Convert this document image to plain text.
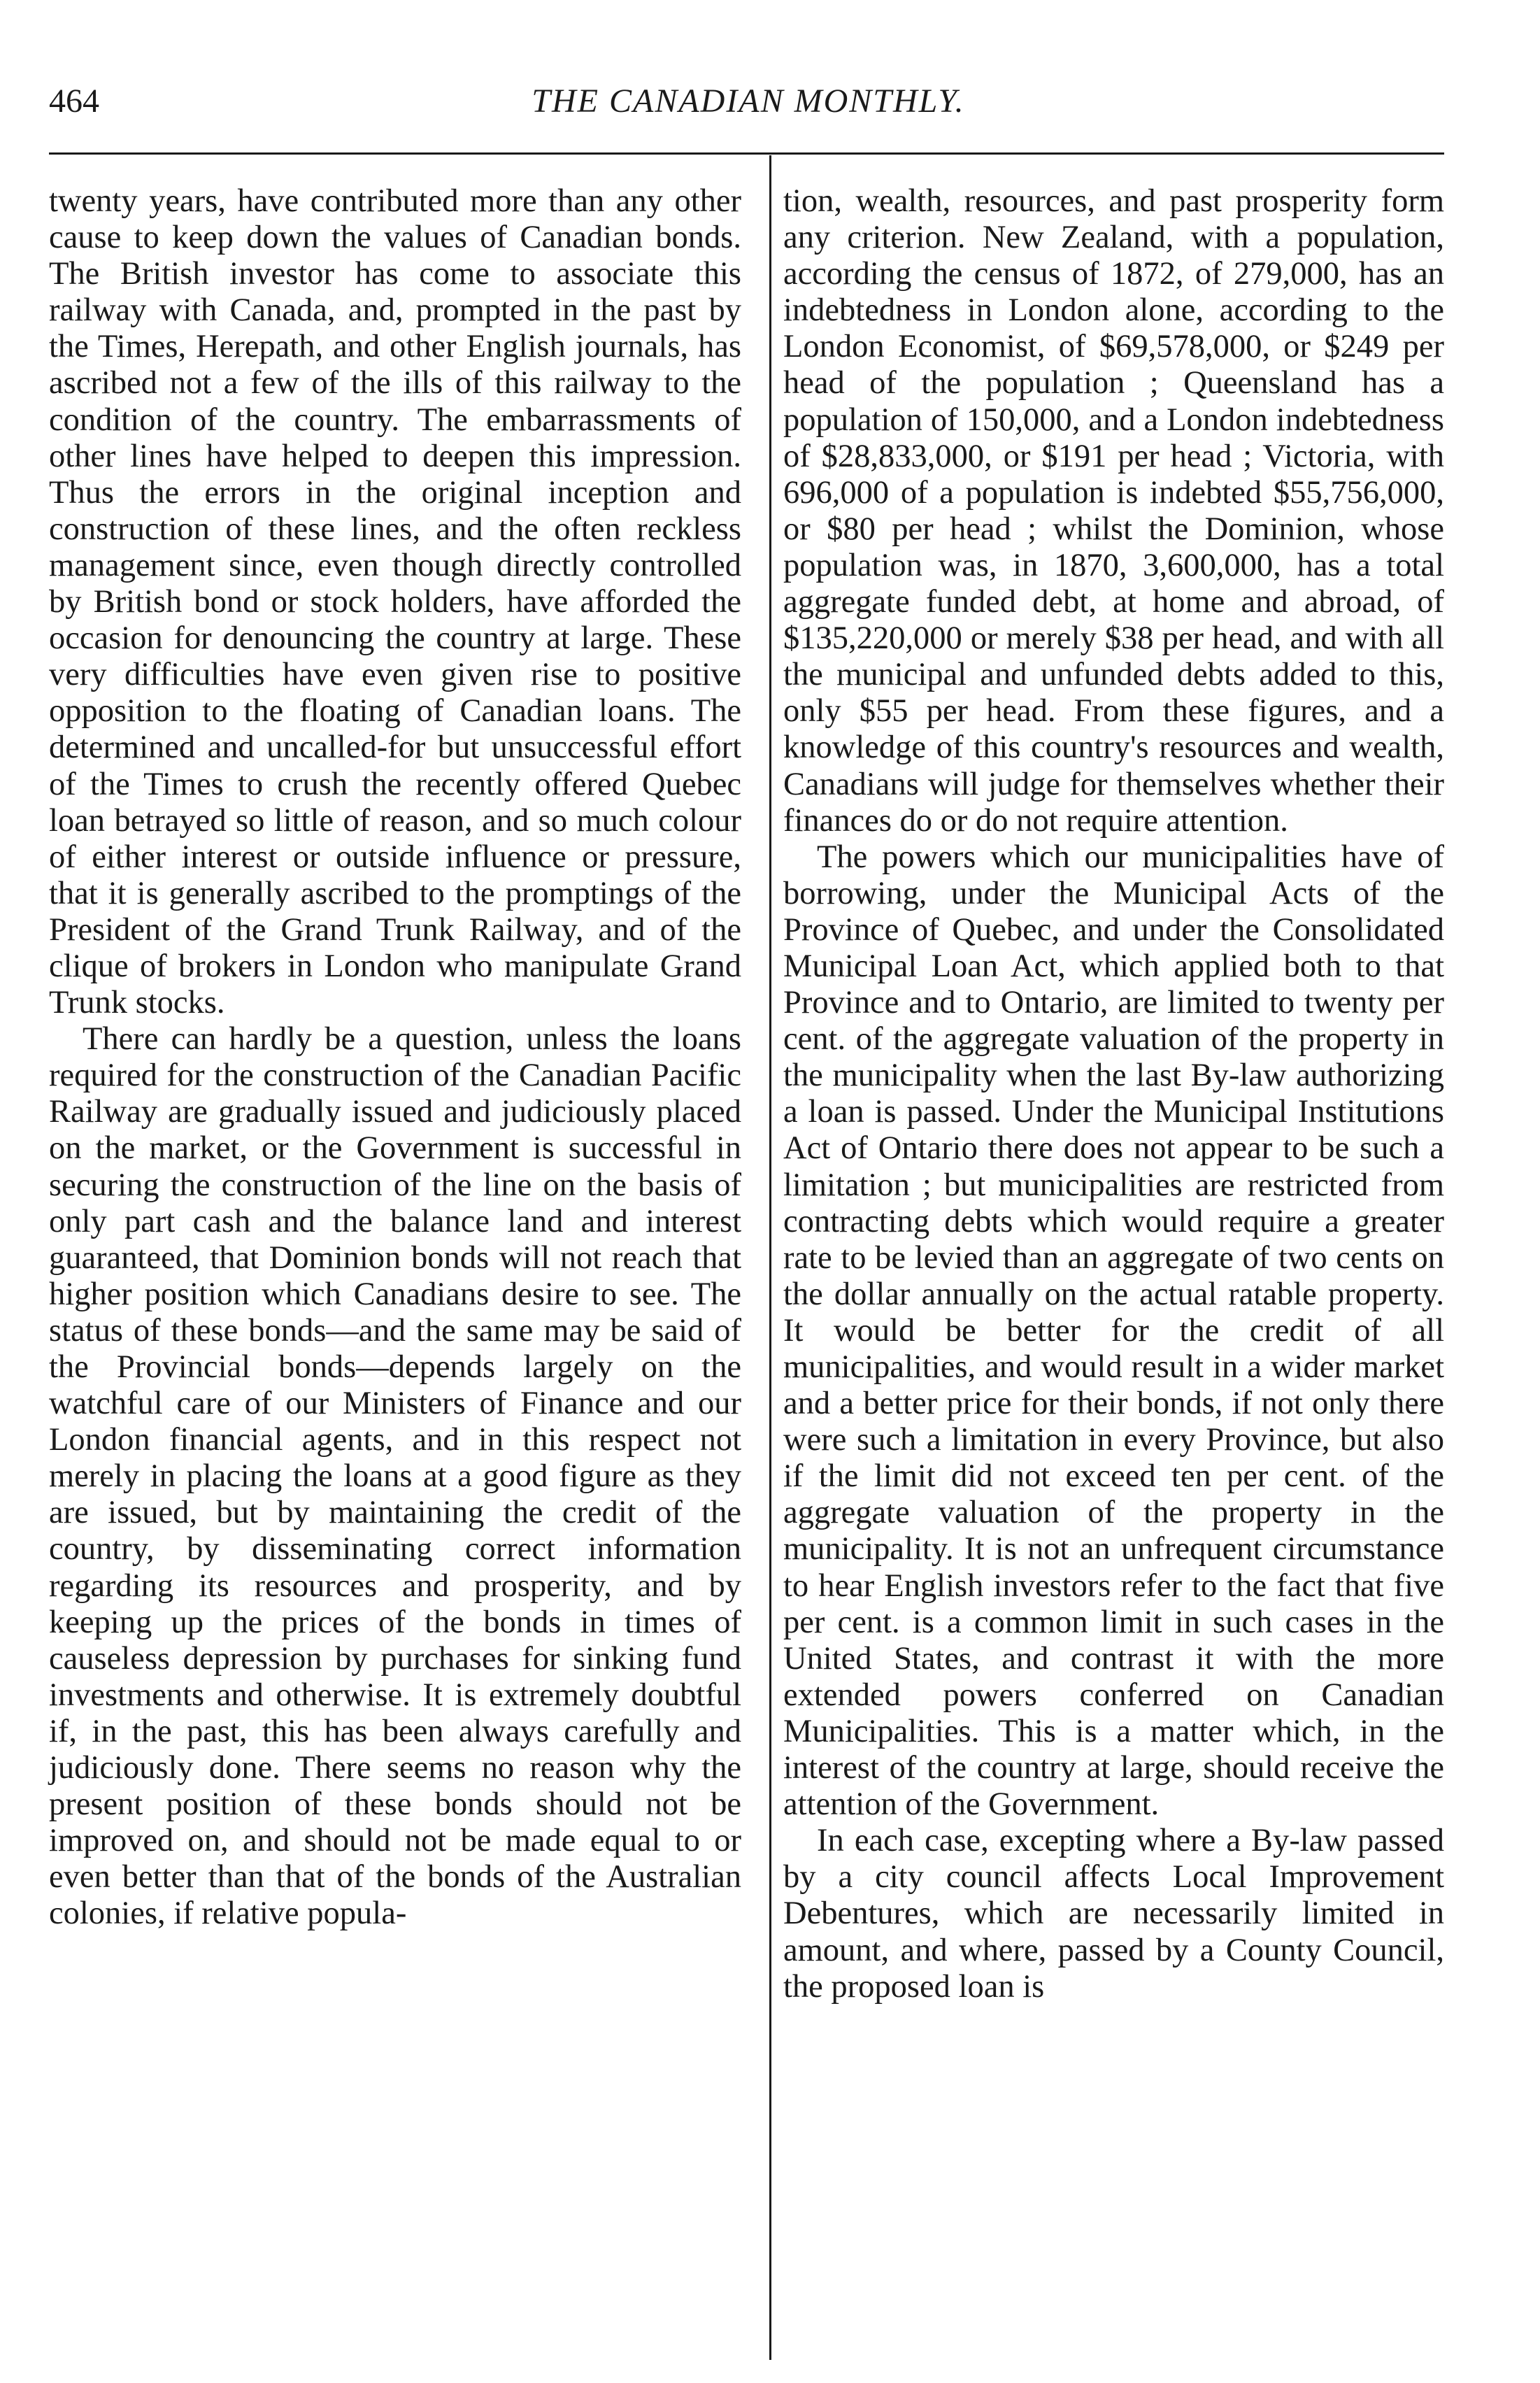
464	THE CANADIAN MONTHLY.

twenty years, have contributed more than any other cause to keep down the values of Canadian bonds. The British investor has come to associate this railway with Canada, and, prompted in the past by the Times, Herepath, and other English journals, has ascribed not a few of the ills of this railway to the condition of the country. The embarrassments of other lines have helped to deepen this impression. Thus the errors in the original inception and construction of these lines, and the often reckless management since, even though directly controlled by British bond or stock holders, have afforded the occasion for denouncing the country at large. These very difficulties have even given rise to positive opposition to the floating of Canadian loans. The determined and uncalled-for but unsuccessful effort of the Times to crush the recently offered Quebec loan betrayed so little of reason, and so much colour of either interest or outside influence or pressure, that it is generally ascribed to the promptings of the President of the Grand Trunk Railway, and of the clique of brokers in London who manipulate Grand Trunk stocks.

There can hardly be a question, unless the loans required for the construction of the Canadian Pacific Railway are gradually issued and judiciously placed on the market, or the Government is successful in securing the construction of the line on the basis of only part cash and the balance land and interest guaranteed, that Dominion bonds will not reach that higher position which Canadians desire to see. The status of these bonds—and the same may be said of the Provincial bonds—depends largely on the watchful care of our Ministers of Finance and our London financial agents, and in this respect not merely in placing the loans at a good figure as they are issued, but by maintaining the credit of the country, by disseminating correct information regarding its resources and prosperity, and by keeping up the prices of the bonds in times of causeless depression by purchases for sinking fund investments and otherwise. It is extremely doubtful if, in the past, this has been always carefully and judiciously done. There seems no reason why the present position of these bonds should not be improved on, and should not be made equal to or even better than that of the bonds of the Australian colonies, if relative popula-

tion, wealth, resources, and past prosperity form any criterion. New Zealand, with a population, according the census of 1872, of 279,000, has an indebtedness in London alone, according to the London Economist, of $69,578,000, or $249 per head of the population ; Queensland has a population of 150,000, and a London indebtedness of $28,833,000, or $191 per head ; Victoria, with 696,000 of a population is indebted $55,756,000, or $80 per head ; whilst the Dominion, whose population was, in 1870, 3,600,000, has a total aggregate funded debt, at home and abroad, of $135,220,000 or merely $38 per head, and with all the municipal and unfunded debts added to this, only $55 per head. From these figures, and a knowledge of this country's resources and wealth, Canadians will judge for themselves whether their finances do or do not require attention.

The powers which our municipalities have of borrowing, under the Municipal Acts of the Province of Quebec, and under the Consolidated Municipal Loan Act, which applied both to that Province and to Ontario, are limited to twenty per cent. of the aggregate valuation of the property in the municipality when the last By-law authorizing a loan is passed. Under the Municipal Institutions Act of Ontario there does not appear to be such a limitation ; but municipalities are restricted from contracting debts which would require a greater rate to be levied than an aggregate of two cents on the dollar annually on the actual ratable property. It would be better for the credit of all municipalities, and would result in a wider market and a better price for their bonds, if not only there were such a limitation in every Province, but also if the limit did not exceed ten per cent. of the aggregate valuation of the property in the municipality. It is not an unfrequent circumstance to hear English investors refer to the fact that five per cent. is a common limit in such cases in the United States, and contrast it with the more extended powers conferred on Canadian Municipalities. This is a matter which, in the interest of the country at large, should receive the attention of the Government.

In each case, excepting where a By-law passed by a city council affects Local Improvement Debentures, which are necessarily limited in amount, and where, passed by a County Council, the proposed loan is
